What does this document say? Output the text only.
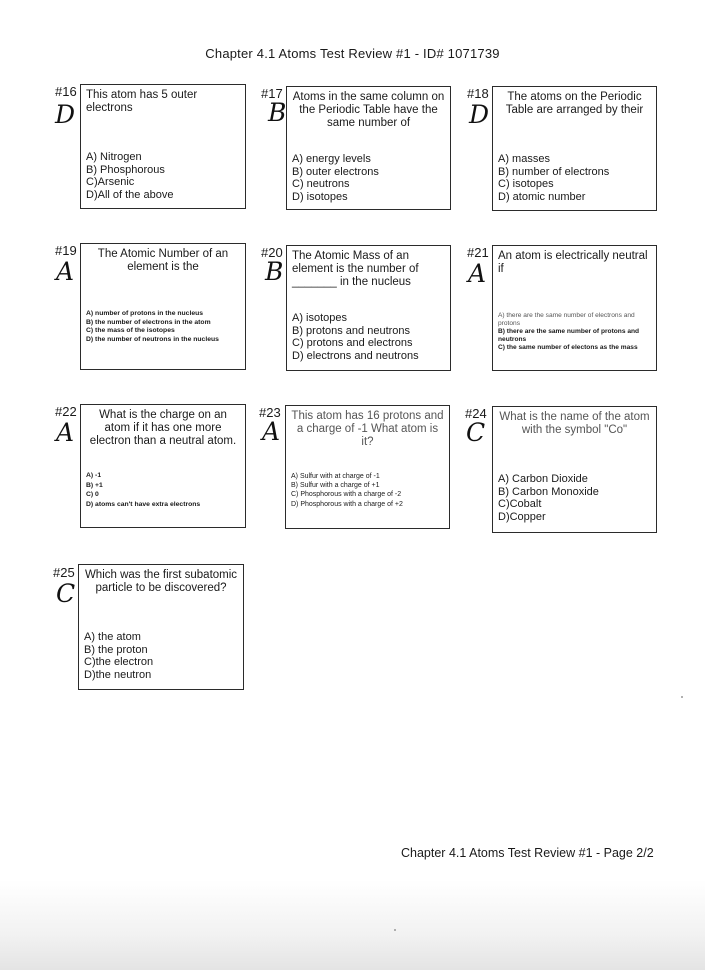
Chapter 4.1 Atoms Test Review #1 - ID# 1071739
#16
D
This atom has 5 outer electrons
A) Nitrogen
B) Phosphorous
C)Arsenic
D)All of the above
#17
B
Atoms in the same column on the Periodic Table have the same number of
A) energy levels
B) outer electrons
C) neutrons
D) isotopes
#18
D
The atoms on the Periodic Table are arranged by their
A) masses
B) number of electrons
C) isotopes
D) atomic number
#19
A
The Atomic Number of an element is the
A) number of protons in the nucleus
B) the number of electrons in the atom
C) the mass of the isotopes
D) the number of neutrons in the nucleus
#20
B
The Atomic Mass of an element is the number of _______ in the nucleus
A) isotopes
B) protons and neutrons
C) protons and electrons
D) electrons and neutrons
#21
A
An atom is electrically neutral if
A) there are the same number of electrons and protons
B) there are the same number of protons and neutrons
C) the same number of electons as the mass
#22
A
What is the charge on an atom if it has one more electron than a neutral atom.
A) -1
B) +1
C) 0
D) atoms can't have extra electrons
#23
A
This atom has 16 protons and a charge of -1 What atom is it?
A) Sulfur with at charge of -1
B) Sulfur with a charge of +1
C) Phosphorous with a charge of -2
D) Phosphorous with a charge of +2
#24
C
What is the name of the atom with the symbol "Co"
A) Carbon Dioxide
B) Carbon Monoxide
C)Cobalt
D)Copper
#25
C
Which was the first subatomic particle to be discovered?
A) the atom
B) the proton
C)the electron
D)the neutron
Chapter 4.1 Atoms Test Review #1 - Page 2/2
